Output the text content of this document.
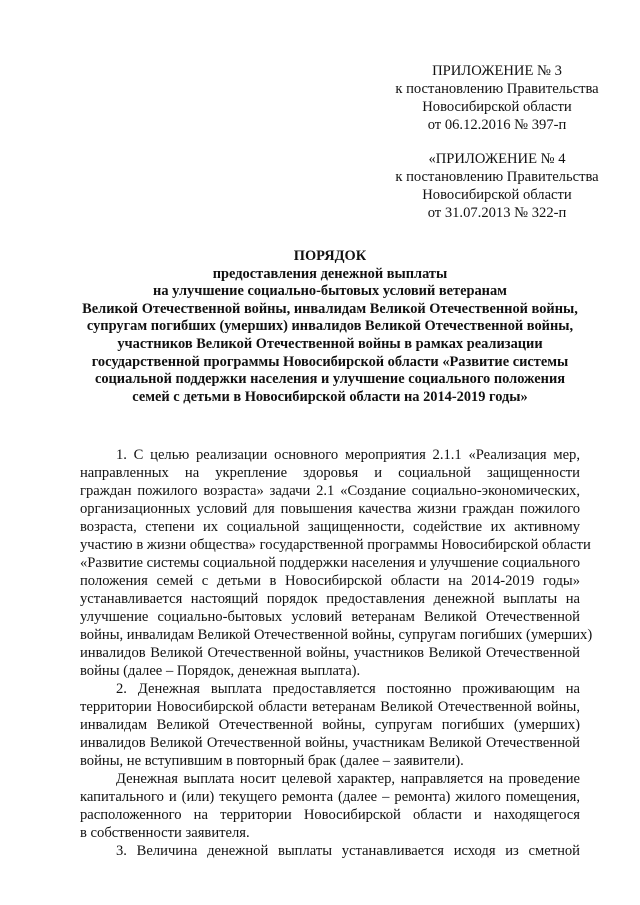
ПРИЛОЖЕНИЕ № 3
к постановлению Правительства
Новосибирской области
от 06.12.2016 № 397-п
«ПРИЛОЖЕНИЕ № 4
к постановлению Правительства
Новосибирской области
от 31.07.2013 № 322-п
ПОРЯДОК
предоставления денежной выплаты
на улучшение социально-бытовых условий ветеранам
Великой Отечественной войны, инвалидам Великой Отечественной войны,
супругам погибших (умерших) инвалидов Великой Отечественной войны,
участников Великой Отечественной войны в рамках реализации
государственной программы Новосибирской области «Развитие системы
социальной поддержки населения и улучшение социального положения
семей с детьми в Новосибирской области на 2014-2019 годы»
1. С целью реализации основного мероприятия 2.1.1 «Реализация мер,
направленных на укрепление здоровья и социальной защищенности
граждан пожилого возраста» задачи 2.1 «Создание социально-экономических,
организационных условий для повышения качества жизни граждан пожилого
возраста, степени их социальной защищенности, содействие их активному
участию в жизни общества» государственной программы Новосибирской области
«Развитие системы социальной поддержки населения и улучшение социального
положения семей с детьми в Новосибирской области на 2014-2019 годы»
устанавливается настоящий порядок предоставления денежной выплаты на
улучшение социально-бытовых условий ветеранам Великой Отечественной
войны, инвалидам Великой Отечественной войны, супругам погибших (умерших)
инвалидов Великой Отечественной войны, участников Великой Отечественной
войны (далее – Порядок, денежная выплата).
2. Денежная выплата предоставляется постоянно проживающим на
территории Новосибирской области ветеранам Великой Отечественной войны,
инвалидам Великой Отечественной войны, супругам погибших (умерших)
инвалидов Великой Отечественной войны, участникам Великой Отечественной
войны, не вступившим в повторный брак (далее – заявители).
Денежная выплата носит целевой характер, направляется на проведение
капитального и (или) текущего ремонта (далее – ремонта) жилого помещения,
расположенного на территории Новосибирской области и находящегося
в собственности заявителя.
3. Величина денежной выплаты устанавливается исходя из сметной
